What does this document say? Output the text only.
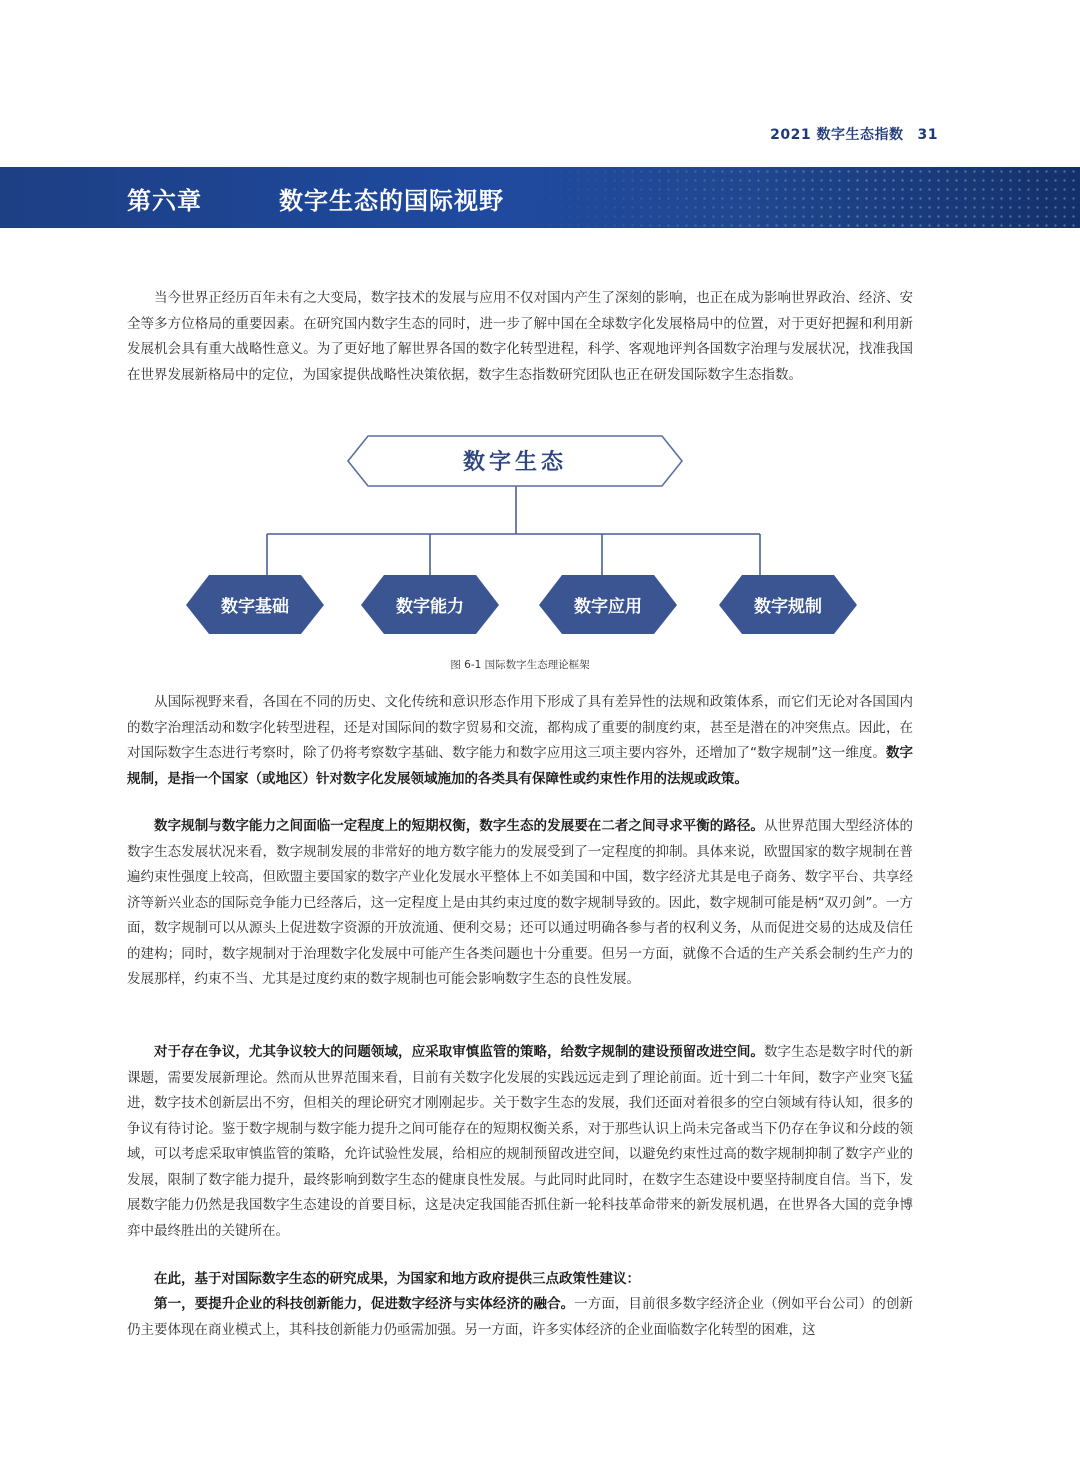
2021 数字生态指数 31
第六章	数字生态的国际视野

当今世界正经历百年未有之大变局，数字技术的发展与应用不仅对国内产生了深刻的影响，也正在成为影响世界政治、经济、安全等多方位格局的重要因素。在研究国内数字生态的同时，进一步了解中国在全球数字化发展格局中的位置，对于更好把握和利用新发展机会具有重大战略性意义。为了更好地了解世界各国的数字化转型进程，科学、客观地评判各国数字治理与发展状况，找准我国在世界发展新格局中的定位，为国家提供战略性决策依据，数字生态指数研究团队也正在研发国际数字生态指数。

数字生态
数字基础	数字能力	数字应用	数字规制
图 6-1 国际数字生态理论框架

从国际视野来看，各国在不同的历史、文化传统和意识形态作用下形成了具有差异性的法规和政策体系，而它们无论对各国国内的数字治理活动和数字化转型进程，还是对国际间的数字贸易和交流，都构成了重要的制度约束，甚至是潜在的冲突焦点。因此，在对国际数字生态进行考察时，除了仍将考察数字基础、数字能力和数字应用这三项主要内容外，还增加了“数字规制”这一维度。数字规制，是指一个国家（或地区）针对数字化发展领域施加的各类具有保障性或约束性作用的法规或政策。

数字规制与数字能力之间面临一定程度上的短期权衡，数字生态的发展要在二者之间寻求平衡的路径。从世界范围大型经济体的数字生态发展状况来看，数字规制发展的非常好的地方数字能力的发展受到了一定程度的抑制。具体来说，欧盟国家的数字规制在普遍约束性强度上较高，但欧盟主要国家的数字产业化发展水平整体上不如美国和中国，数字经济尤其是电子商务、数字平台、共享经济等新兴业态的国际竞争能力已经落后，这一定程度上是由其约束过度的数字规制导致的。因此，数字规制可能是柄“双刃剑”。一方面，数字规制可以从源头上促进数字资源的开放流通、便利交易；还可以通过明确各参与者的权利义务，从而促进交易的达成及信任的建构；同时，数字规制对于治理数字化发展中可能产生各类问题也十分重要。但另一方面，就像不合适的生产关系会制约生产力的发展那样，约束不当、尤其是过度约束的数字规制也可能会影响数字生态的良性发展。

对于存在争议，尤其争议较大的问题领域，应采取审慎监管的策略，给数字规制的建设预留改进空间。数字生态是数字时代的新课题，需要发展新理论。然而从世界范围来看，目前有关数字化发展的实践远远走到了理论前面。近十到二十年间，数字产业突飞猛进，数字技术创新层出不穷，但相关的理论研究才刚刚起步。关于数字生态的发展，我们还面对着很多的空白领域有待认知，很多的争议有待讨论。鉴于数字规制与数字能力提升之间可能存在的短期权衡关系，对于那些认识上尚未完备或当下仍存在争议和分歧的领域，可以考虑采取审慎监管的策略，允许试验性发展，给相应的规制预留改进空间，以避免约束性过高的数字规制抑制了数字产业的发展，限制了数字能力提升，最终影响到数字生态的健康良性发展。与此同时此同时，在数字生态建设中要坚持制度自信。当下，发展数字能力仍然是我国数字生态建设的首要目标，这是决定我国能否抓住新一轮科技革命带来的新发展机遇，在世界各大国的竞争博弈中最终胜出的关键所在。

在此，基于对国际数字生态的研究成果，为国家和地方政府提供三点政策性建议：

第一，要提升企业的科技创新能力，促进数字经济与实体经济的融合。一方面，目前很多数字经济企业（例如平台公司）的创新仍主要体现在商业模式上，其科技创新能力仍亟需加强。另一方面，许多实体经济的企业面临数字化转型的困难，这
